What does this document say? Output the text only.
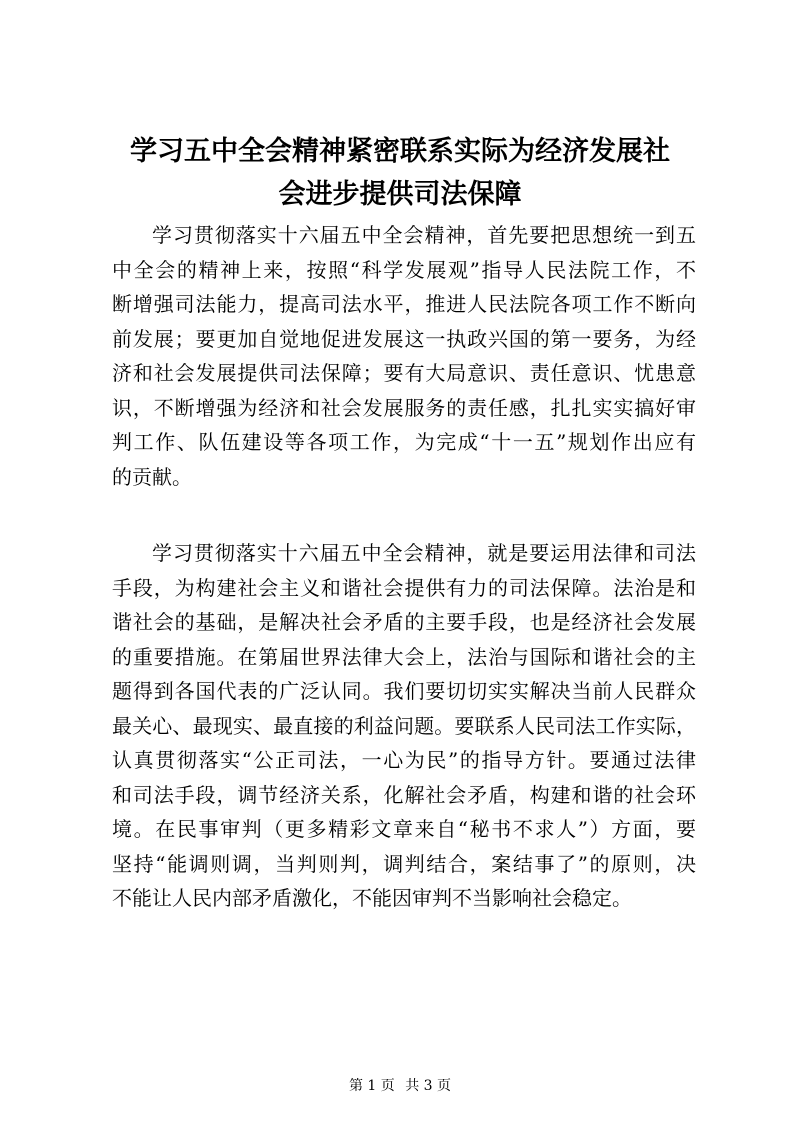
学习五中全会精神紧密联系实际为经济发展社
会进步提供司法保障
学习贯彻落实十六届五中全会精神，首先要把思想统一到五
中全会的精神上来，按照“科学发展观”指导人民法院工作，不
断增强司法能力，提高司法水平，推进人民法院各项工作不断向
前发展；要更加自觉地促进发展这一执政兴国的第一要务，为经
济和社会发展提供司法保障；要有大局意识、责任意识、忧患意
识，不断增强为经济和社会发展服务的责任感，扎扎实实搞好审
判工作、队伍建设等各项工作，为完成“十一五”规划作出应有
的贡献。
学习贯彻落实十六届五中全会精神，就是要运用法律和司法
手段，为构建社会主义和谐社会提供有力的司法保障。法治是和
谐社会的基础，是解决社会矛盾的主要手段，也是经济社会发展
的重要措施。在第届世界法律大会上，法治与国际和谐社会的主
题得到各国代表的广泛认同。我们要切切实实解决当前人民群众
最关心、最现实、最直接的利益问题。要联系人民司法工作实际，
认真贯彻落实“公正司法，一心为民”的指导方针。要通过法律
和司法手段，调节经济关系，化解社会矛盾，构建和谐的社会环
境。在民事审判（更多精彩文章来自“秘书不求人”）方面，要
坚持“能调则调，当判则判，调判结合，案结事了”的原则，决
不能让人民内部矛盾激化，不能因审判不当影响社会稳定。
第 1 页 共 3 页
